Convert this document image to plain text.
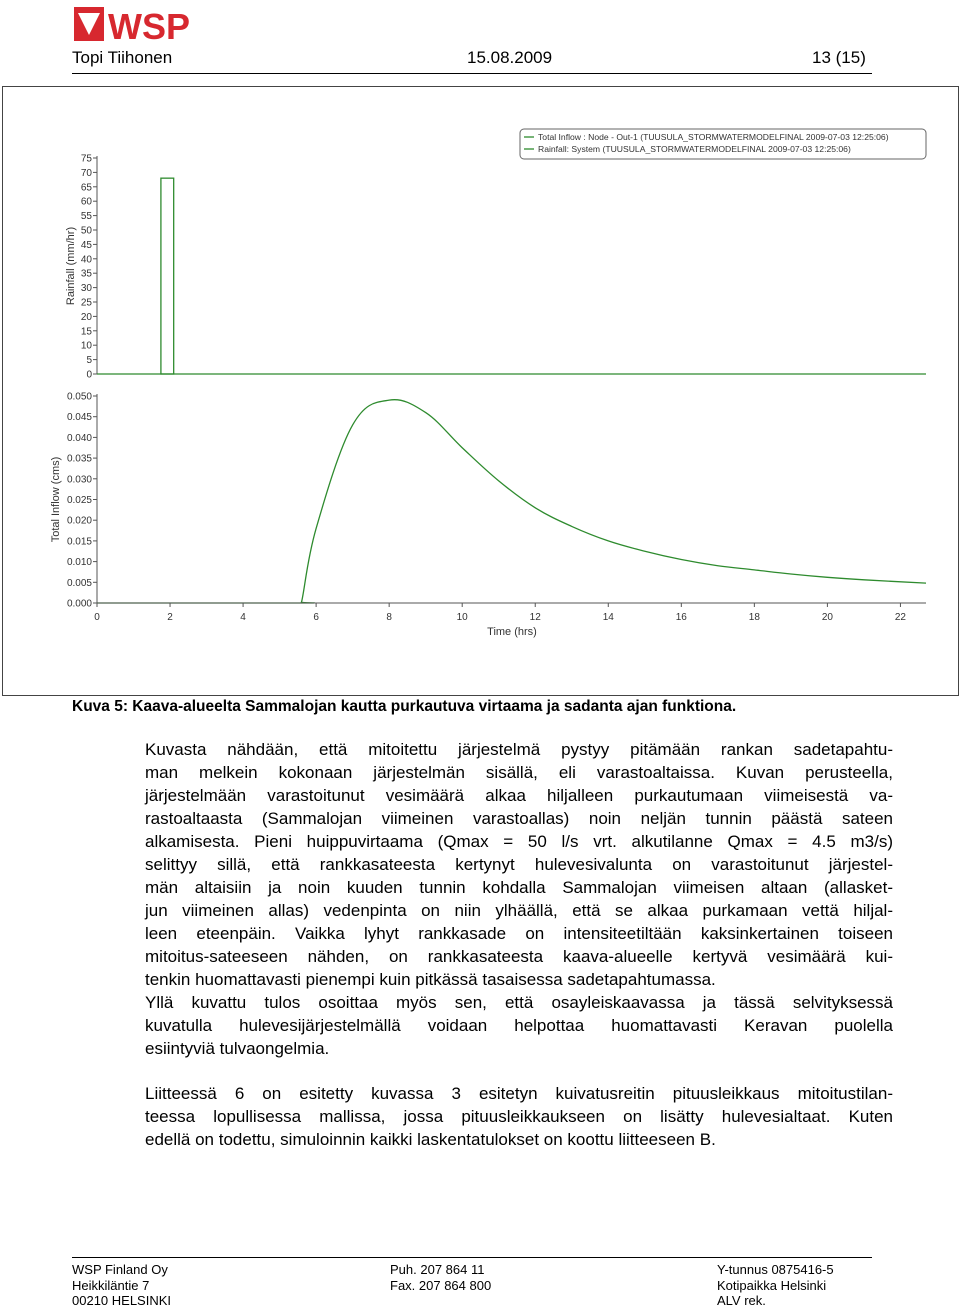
WSP
Topi Tiihonen	15.08.2009	13 (15)
0
5
10
15
20
25
30
35
40
45
50
55
60
65
70
75
Rainfall (mm/hr)
0.000
0.005
0.010
0.015
0.020
0.025
0.030
0.035
0.040
0.045
0.050
Total Inflow (cms)
0	2	4	6	8	10	12	14	16	18	20	22
Time (hrs)
Total Inflow : Node - Out-1 (TUUSULA_STORMWATERMODELFINAL 2009-07-03 12:25:06)
Rainfall: System (TUUSULA_STORMWATERMODELFINAL 2009-07-03 12:25:06)
Kuva 5: Kaava-alueelta Sammalojan kautta purkautuva virtaama ja sadanta ajan funktiona.
Kuvasta nähdään, että mitoitettu järjestelmä pystyy pitämään rankan sadetapahtu-
man melkein kokonaan järjestelmän sisällä, eli varastoaltaissa. Kuvan perusteella,
järjestelmään varastoitunut vesimäärä alkaa hiljalleen purkautumaan viimeisestä va-
rastoaltaasta (Sammalojan viimeinen varastoallas) noin neljän tunnin päästä sateen
alkamisesta. Pieni huippuvirtaama (Qmax = 50 l/s vrt. alkutilanne Qmax = 4.5 m3/s)
selittyy sillä, että rankkasateesta kertynyt hulevesivalunta on varastoitunut järjestel-
män altaisiin ja noin kuuden tunnin kohdalla Sammalojan viimeisen altaan (allasket-
jun viimeinen allas) vedenpinta on niin ylhäällä, että se alkaa purkamaan vettä hiljal-
leen eteenpäin. Vaikka lyhyt rankkasade on intensiteetiltään kaksinkertainen toiseen
mitoitus-sateeseen nähden, on rankkasateesta kaava-alueelle kertyvä vesimäärä kui-
tenkin huomattavasti pienempi kuin pitkässä tasaisessa sadetapahtumassa.
Yllä kuvattu tulos osoittaa myös sen, että osayleiskaavassa ja tässä selvityksessä
kuvatulla hulevesijärjestelmällä voidaan helpottaa huomattavasti Keravan puolella
esiintyviä tulvaongelmia.
Liitteessä 6 on esitetty kuvassa 3 esitetyn kuivatusreitin pituusleikkaus mitoitustilan-
teessa lopullisessa mallissa, jossa pituusleikkaukseen on lisätty hulevesialtaat. Kuten
edellä on todettu, simuloinnin kaikki laskentatulokset on koottu liitteeseen B.
WSP Finland Oy
Heikkiläntie 7
00210 HELSINKI
Puh. 207 864 11
Fax. 207 864 800
Y-tunnus 0875416-5
Kotipaikka Helsinki
ALV rek.
